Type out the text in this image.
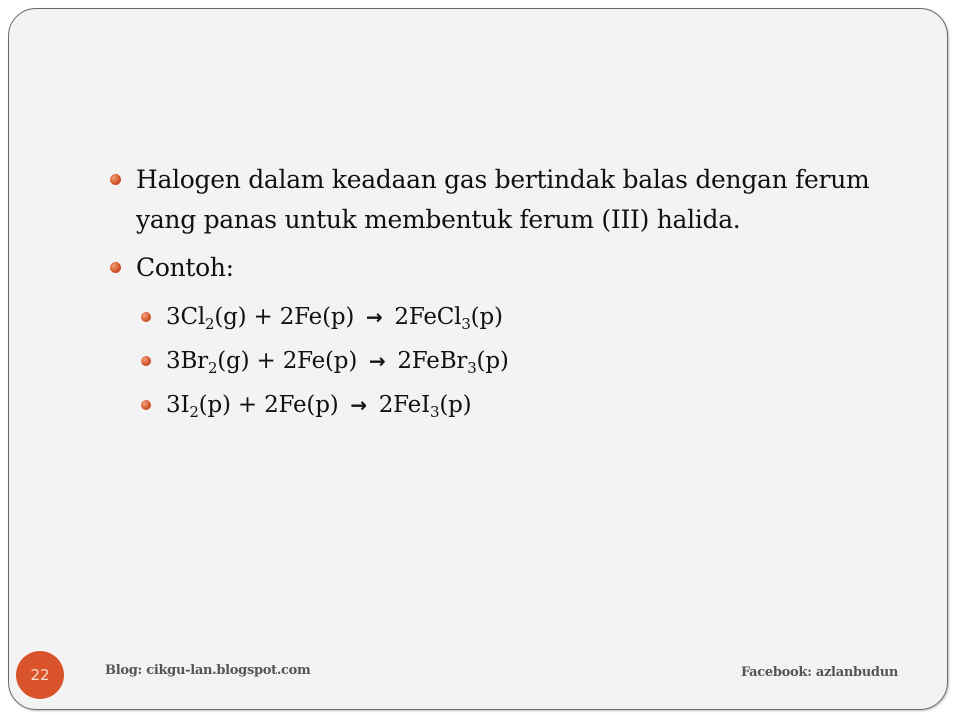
Halogen dalam keadaan gas bertindak balas dengan ferum yang panas untuk membentuk ferum (III) halida.
Contoh:
$3Cl_2(g) + 2Fe(p)$ → 2FeCl$_3$(p)
$3Br_2(g) + 2Fe(p)$ → 2FeBr$_3$(p)
$3I_2(p) + 2Fe(p) \to 2FeI_3(p)$
22	Blog: cikgu-lan.blogspot.com	Facebook: azlanbudun
